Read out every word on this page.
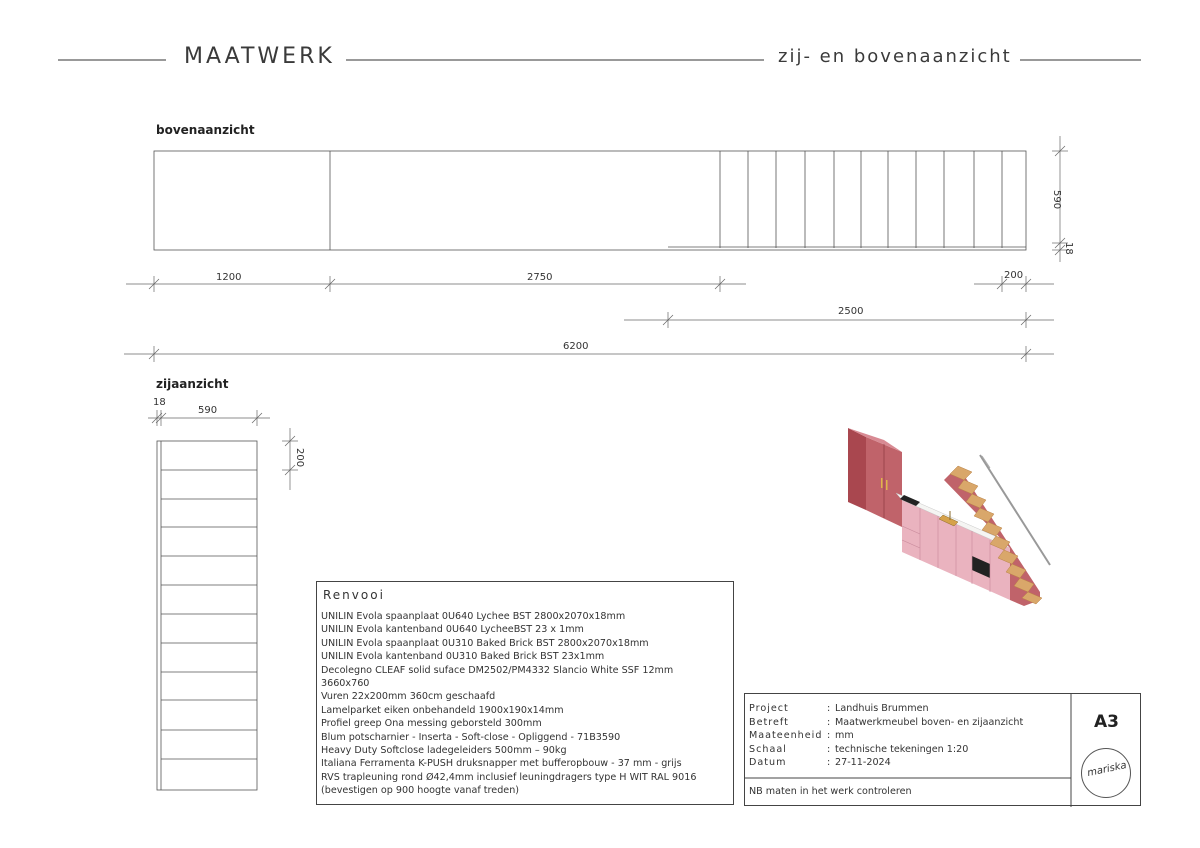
MAATWERK	zij- en bovenaanzicht
bovenaanzicht
zijaanzicht
1200	2750	200
2500
6200
590
18
18
590
200
Renvooi
UNILIN Evola spaanplaat 0U640 Lychee BST 2800x2070x18mm
UNILIN Evola kantenband 0U640 LycheeBST 23 x 1mm
UNILIN Evola spaanplaat 0U310 Baked Brick BST 2800x2070x18mm
UNILIN Evola kantenband 0U310 Baked Brick BST 23x1mm
Decolegno CLEAF solid suface DM2502/PM4332 Slancio White SSF 12mm
3660x760
Vuren 22x200mm 360cm geschaafd
Lamelparket eiken onbehandeld 1900x190x14mm
Profiel greep Ona messing geborsteld 300mm
Blum potscharnier - Inserta - Soft-close - Opliggend - 71B3590
Heavy Duty Softclose ladegeleiders 500mm – 90kg
Italiana Ferramenta K-PUSH druksnapper met bufferopbouw - 37 mm - grijs
RVS trapleuning rond Ø42,4mm inclusief leuningdragers type H WIT RAL 9016
(bevestigen op 900 hoogte vanaf treden)
Project	: Landhuis Brummen
Betreft	: Maatwerkmeubel boven- en zijaanzicht
Maateenheid : mm
Schaal	: technische tekeningen 1:20
Datum	: 27-11-2024
NB maten in het werk controleren
A3
mariska
